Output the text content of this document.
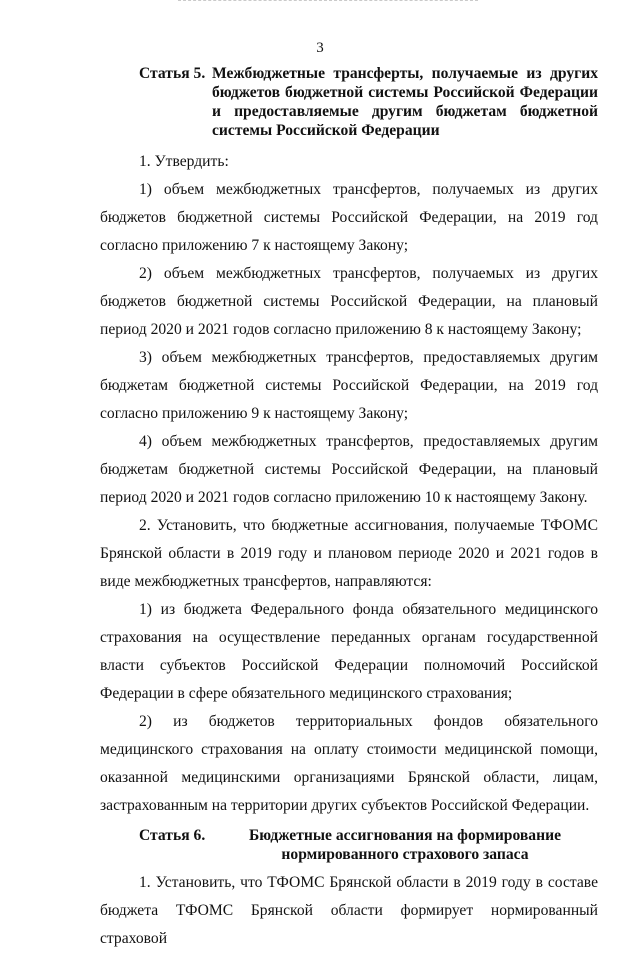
3
Статья 5. Межбюджетные трансферты, получаемые из других бюджетов бюджетной системы Российской Федерации и предоставляемые другим бюджетам бюджетной системы Российской Федерации

1. Утвердить:

1) объем межбюджетных трансфертов, получаемых из других бюджетов бюджетной системы Российской Федерации, на 2019 год согласно приложению 7 к настоящему Закону;

2) объем межбюджетных трансфертов, получаемых из других бюджетов бюджетной системы Российской Федерации, на плановый период 2020 и 2021 годов согласно приложению 8 к настоящему Закону;

3) объем межбюджетных трансфертов, предоставляемых другим бюджетам бюджетной системы Российской Федерации, на 2019 год согласно приложению 9 к настоящему Закону;

4) объем межбюджетных трансфертов, предоставляемых другим бюджетам бюджетной системы Российской Федерации, на плановый период 2020 и 2021 годов согласно приложению 10 к настоящему Закону.

2. Установить, что бюджетные ассигнования, получаемые ТФОМС Брянской области в 2019 году и плановом периоде 2020 и 2021 годов в виде межбюджетных трансфертов, направляются:

1) из бюджета Федерального фонда обязательного медицинского страхования на осуществление переданных органам государственной власти субъектов Российской Федерации полномочий Российской Федерации в сфере обязательного медицинского страхования;

2) из бюджетов территориальных фондов обязательного медицинского страхования на оплату стоимости медицинской помощи, оказанной медицинскими организациями Брянской области, лицам, застрахованным на территории других субъектов Российской Федерации.

Статья 6.	Бюджетные ассигнования на формирование нормированного страхового запаса

1. Установить, что ТФОМС Брянской области в 2019 году в составе бюджета ТФОМС Брянской области формирует нормированный страховой
